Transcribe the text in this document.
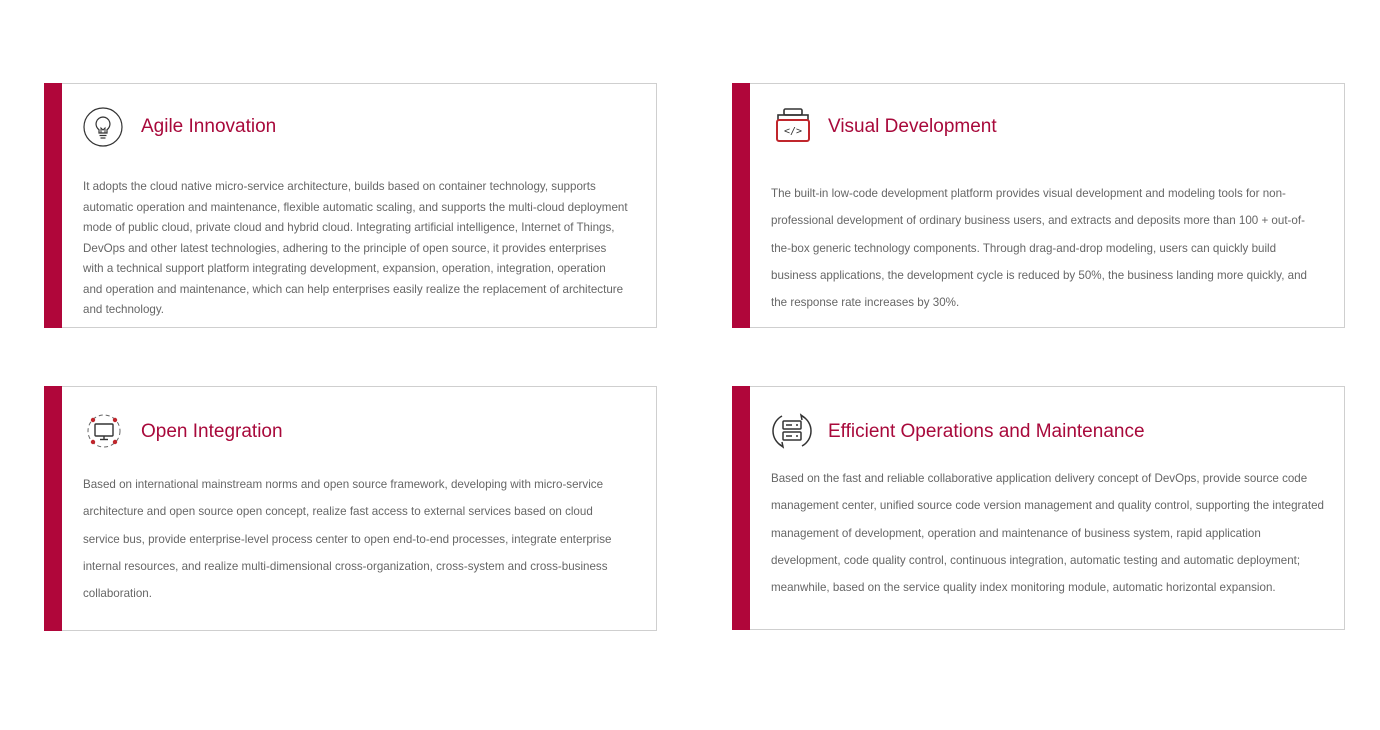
Agile Innovation

It adopts the cloud native micro-service architecture, builds based on container technology, supports automatic operation and maintenance, flexible automatic scaling, and supports the multi-cloud deployment mode of public cloud, private cloud and hybrid cloud. Integrating artificial intelligence, Internet of Things, DevOps and other latest technologies, adhering to the principle of open source, it provides enterprises with a technical support platform integrating development, expansion, operation, integration, operation and operation and maintenance, which can help enterprises easily realize the replacement of architecture and technology.

</> Visual Development

The built-in low-code development platform provides visual development and modeling tools for non-professional development of ordinary business users, and extracts and deposits more than 100 + out-of-the-box generic technology components. Through drag-and-drop modeling, users can quickly build business applications, the development cycle is reduced by 50%, the business landing more quickly, and the response rate increases by 30%.

Open Integration

Based on international mainstream norms and open source framework, developing with micro-service architecture and open source open concept, realize fast access to external services based on cloud service bus, provide enterprise-level process center to open end-to-end processes, integrate enterprise internal resources, and realize multi-dimensional cross-organization, cross-system and cross-business collaboration.

Efficient Operations and Maintenance

Based on the fast and reliable collaborative application delivery concept of DevOps, provide source code management center, unified source code version management and quality control, supporting the integrated management of development, operation and maintenance of business system, rapid application development, code quality control, continuous integration, automatic testing and automatic deployment; meanwhile, based on the service quality index monitoring module, automatic horizontal expansion.
